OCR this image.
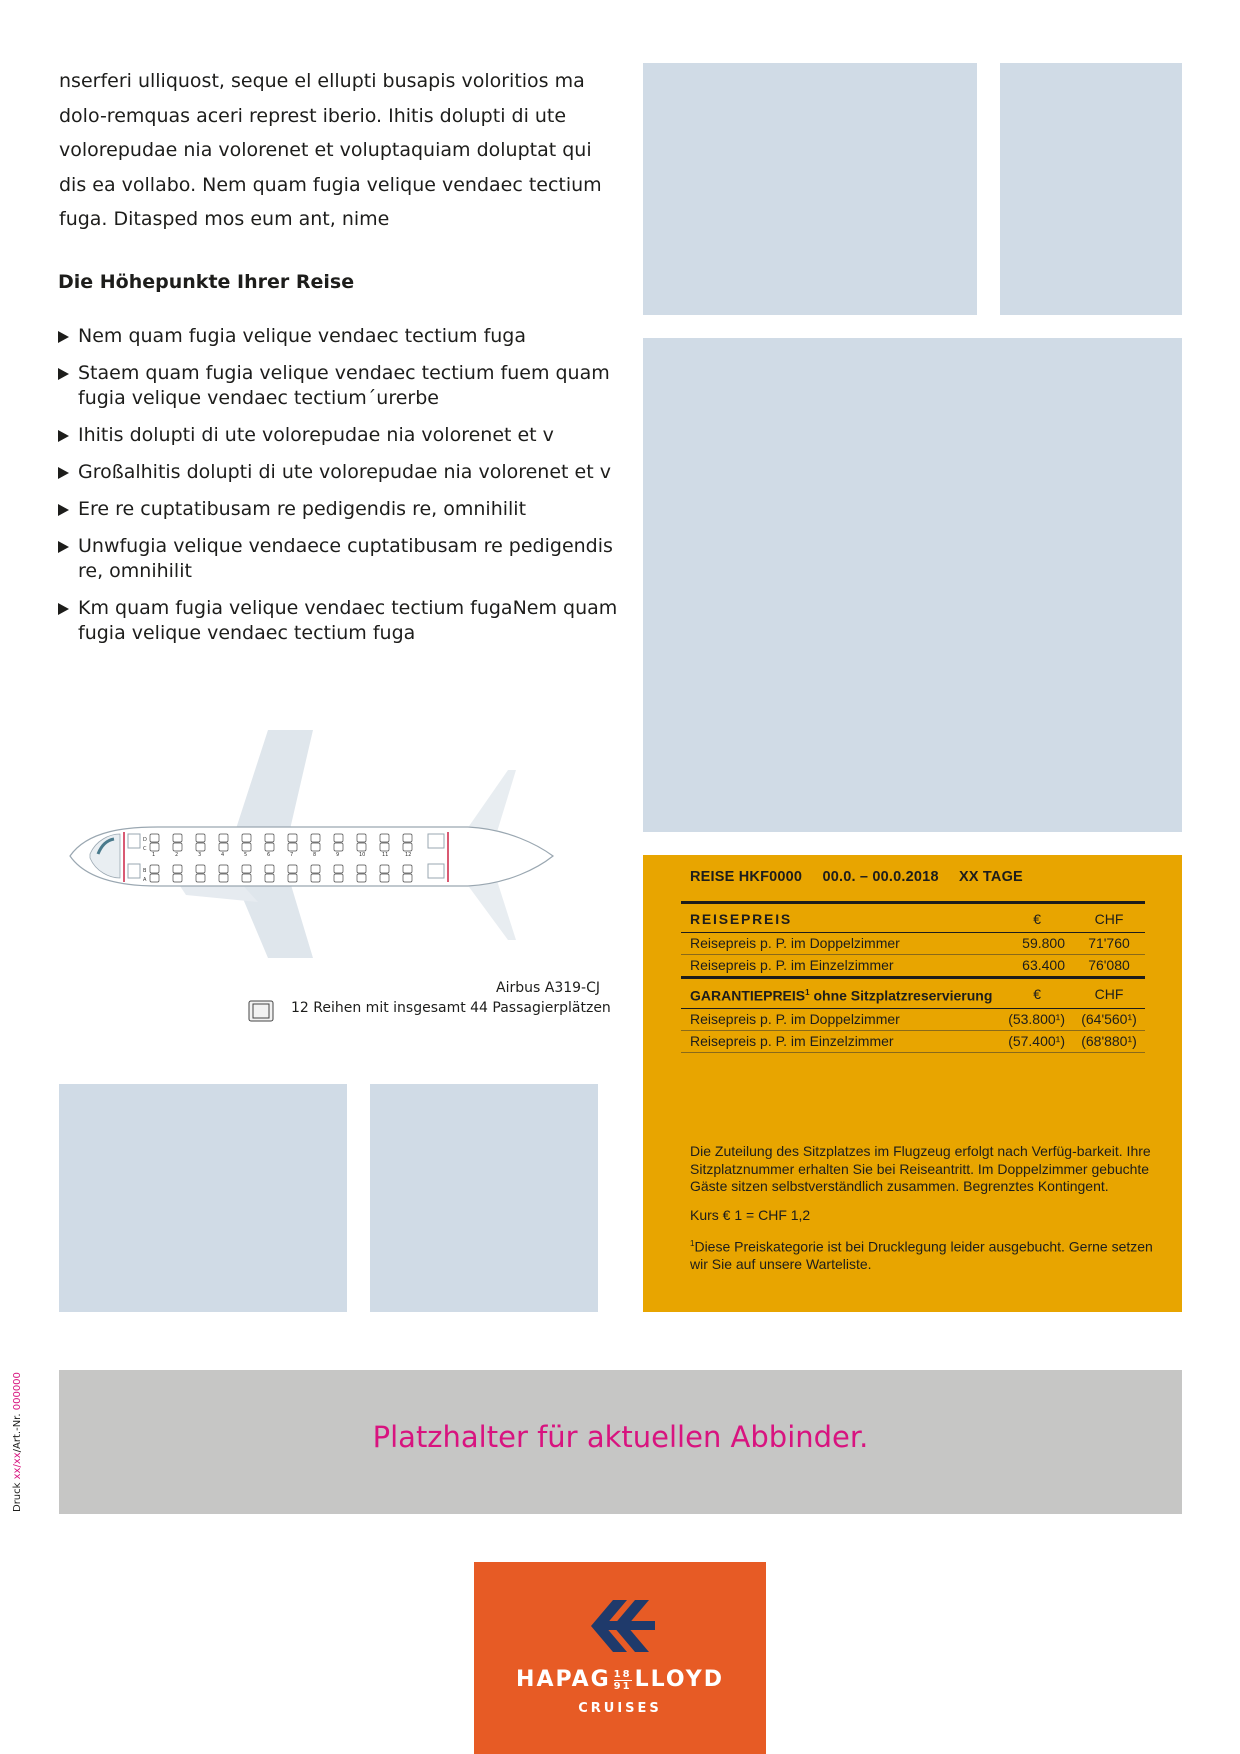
nserferi ulliquost, seque el ellupti busapis voloritios ma dolo-remquas aceri represt iberio. Ihitis dolupti di ute volorepudae nia volorenet et voluptaquiam doluptat qui dis ea vollabo. Nem quam fugia velique vendaec tectium fuga. Ditasped mos eum ant, nime

Die Höhepunkte Ihrer Reise
Nem quam fugia velique vendaec tectium fuga
Staem quam fugia velique vendaec tectium fuem quam fugia velique vendaec tectium´urerbe
Ihitis dolupti di ute volorepudae nia volorenet et v
Großalhitis dolupti di ute volorepudae nia volorenet et v
Ere re cuptatibusam re pedigendis re, omnihilit
Unwfugia velique vendaece cuptatibusam re pedigendis re, omnihilit
Km quam fugia velique vendaec tectium fugaNem quam fugia velique vendaec tectium fuga
D
C
B
A
1	2	3	4	5	6	7	8	9	10	11	12
Airbus A319-CJ
12 Reihen mit insgesamt 44 Passagierplätzen
REISE HKF0000 00.0. – 00.0.2018 XX TAGE
REISEPREIS	€	CHF
Reisepreis p. P. im Doppelzimmer	59.800	71'760
Reisepreis p. P. im Einzelzimmer	63.400	76'080
GARANTIEPREIS$^1$ ohne Sitzplatzreservierung	€	CHF
Reisepreis p. P. im Doppelzimmer	(53.800¹)	(64'560¹)
Reisepreis p. P. im Einzelzimmer	(57.400¹)	(68'880¹)

Die Zuteilung des Sitzplatzes im Flugzeug erfolgt nach Verfüg-barkeit. Ihre Sitzplatznummer erhalten Sie bei Reiseantritt. Im Doppelzimmer gebuchte Gäste sitzen selbstverständlich zusammen. Begrenztes Kontingent.

Kurs € 1 = CHF 1,2

$^1$Diese Preiskategorie ist bei Drucklegung leider ausgebucht. Gerne setzen wir Sie auf unsere Warteliste.

Druck xx/xx/Art.-Nr. 000000
Platzhalter für aktuellen Abbinder.
HAPAG $\frac{18}{91}$ LLOYD
CRUISES
